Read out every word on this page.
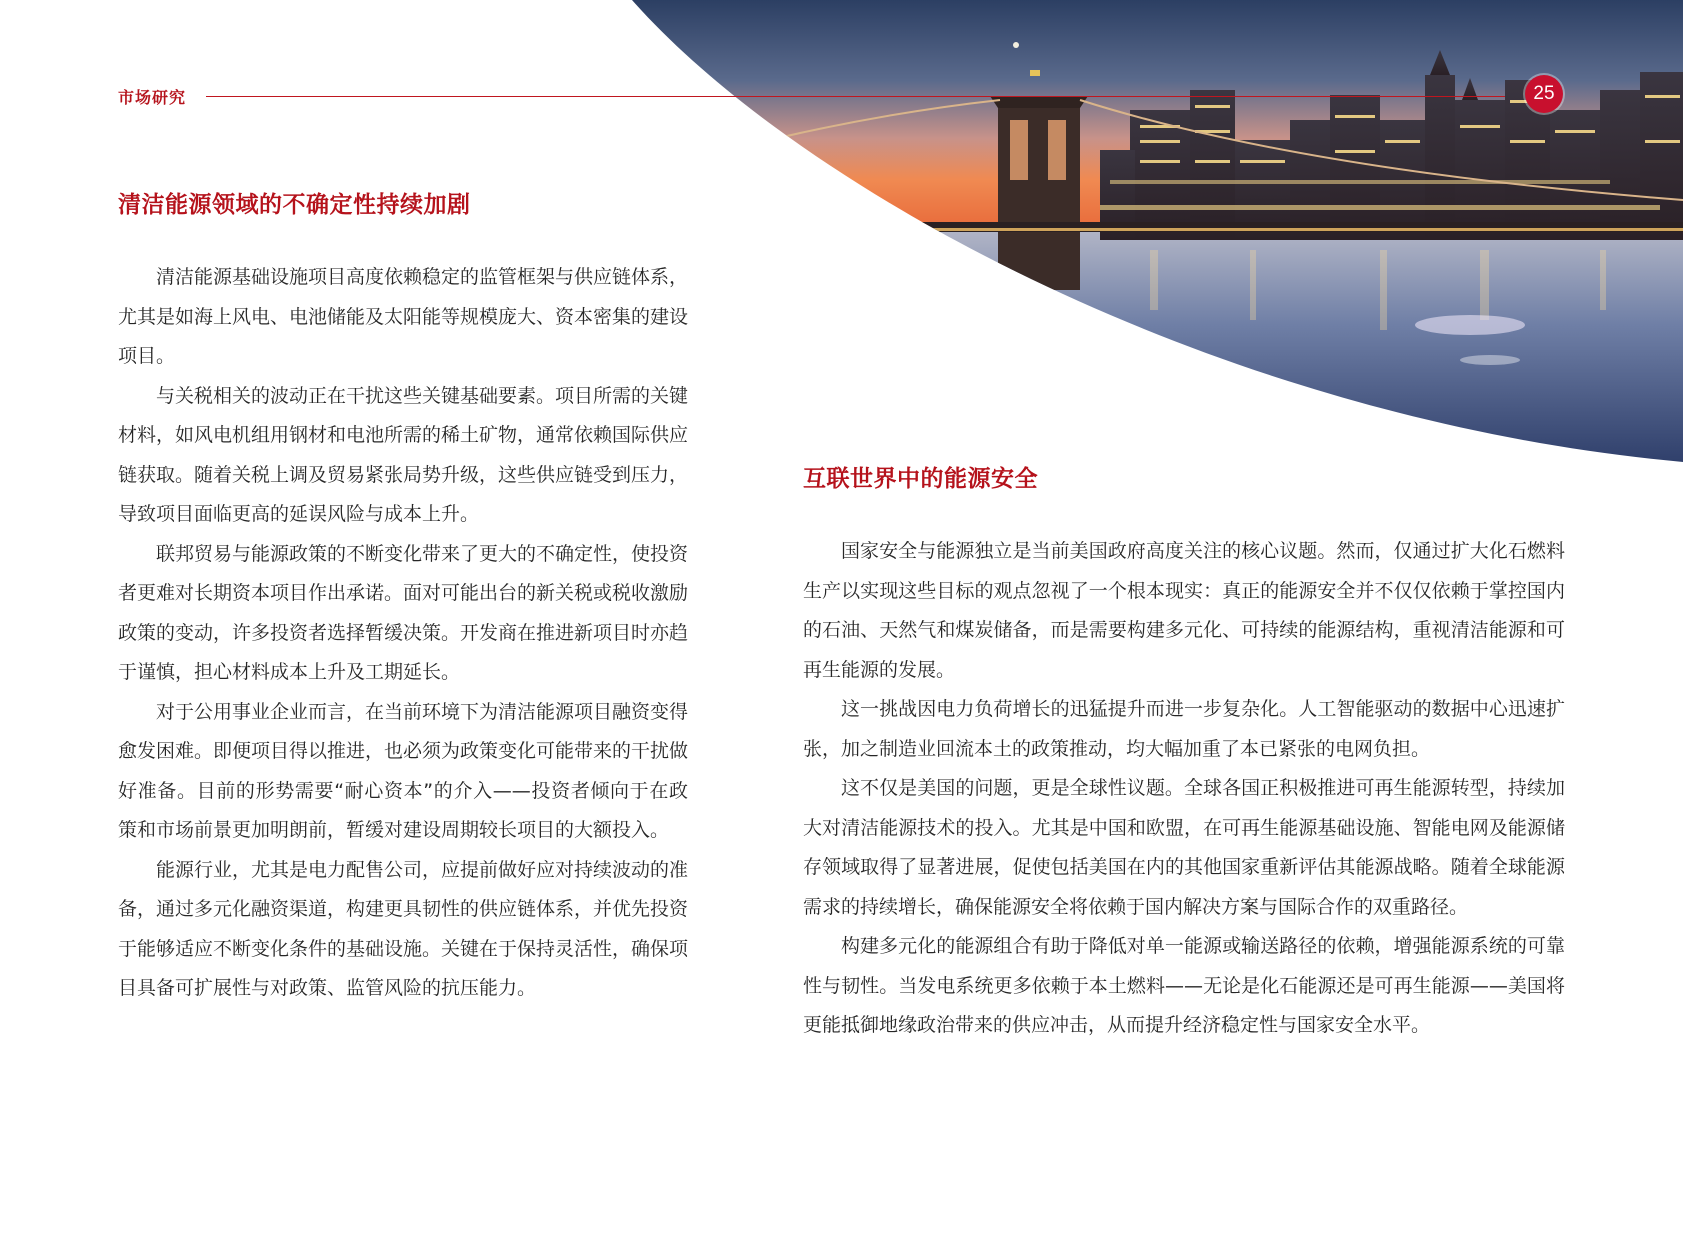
市场研究	25
清洁能源领域的不确定性持续加剧

清洁能源基础设施项目高度依赖稳定的监管框架与供应链体系，尤其是如海上风电、电池储能及太阳能等规模庞大、资本密集的建设项目。

与关税相关的波动正在干扰这些关键基础要素。项目所需的关键材料，如风电机组用钢材和电池所需的稀土矿物，通常依赖国际供应链获取。随着关税上调及贸易紧张局势升级，这些供应链受到压力，导致项目面临更高的延误风险与成本上升。

联邦贸易与能源政策的不断变化带来了更大的不确定性，使投资者更难对长期资本项目作出承诺。面对可能出台的新关税或税收激励政策的变动，许多投资者选择暂缓决策。开发商在推进新项目时亦趋于谨慎，担心材料成本上升及工期延长。

对于公用事业企业而言，在当前环境下为清洁能源项目融资变得愈发困难。即便项目得以推进，也必须为政策变化可能带来的干扰做好准备。目前的形势需要“耐心资本”的介入——投资者倾向于在政策和市场前景更加明朗前，暂缓对建设周期较长项目的大额投入。

能源行业，尤其是电力配售公司，应提前做好应对持续波动的准备，通过多元化融资渠道，构建更具韧性的供应链体系，并优先投资于能够适应不断变化条件的基础设施。关键在于保持灵活性，确保项目具备可扩展性与对政策、监管风险的抗压能力。

互联世界中的能源安全

国家安全与能源独立是当前美国政府高度关注的核心议题。然而，仅通过扩大化石燃料生产以实现这些目标的观点忽视了一个根本现实：真正的能源安全并不仅仅依赖于掌控国内的石油、天然气和煤炭储备，而是需要构建多元化、可持续的能源结构，重视清洁能源和可再生能源的发展。

这一挑战因电力负荷增长的迅猛提升而进一步复杂化。人工智能驱动的数据中心迅速扩张，加之制造业回流本土的政策推动，均大幅加重了本已紧张的电网负担。

这不仅是美国的问题，更是全球性议题。全球各国正积极推进可再生能源转型，持续加大对清洁能源技术的投入。尤其是中国和欧盟，在可再生能源基础设施、智能电网及能源储存领域取得了显著进展，促使包括美国在内的其他国家重新评估其能源战略。随着全球能源需求的持续增长，确保能源安全将依赖于国内解决方案与国际合作的双重路径。

构建多元化的能源组合有助于降低对单一能源或输送路径的依赖，增强能源系统的可靠性与韧性。当发电系统更多依赖于本土燃料——无论是化石能源还是可再生能源——美国将更能抵御地缘政治带来的供应冲击，从而提升经济稳定性与国家安全水平。
